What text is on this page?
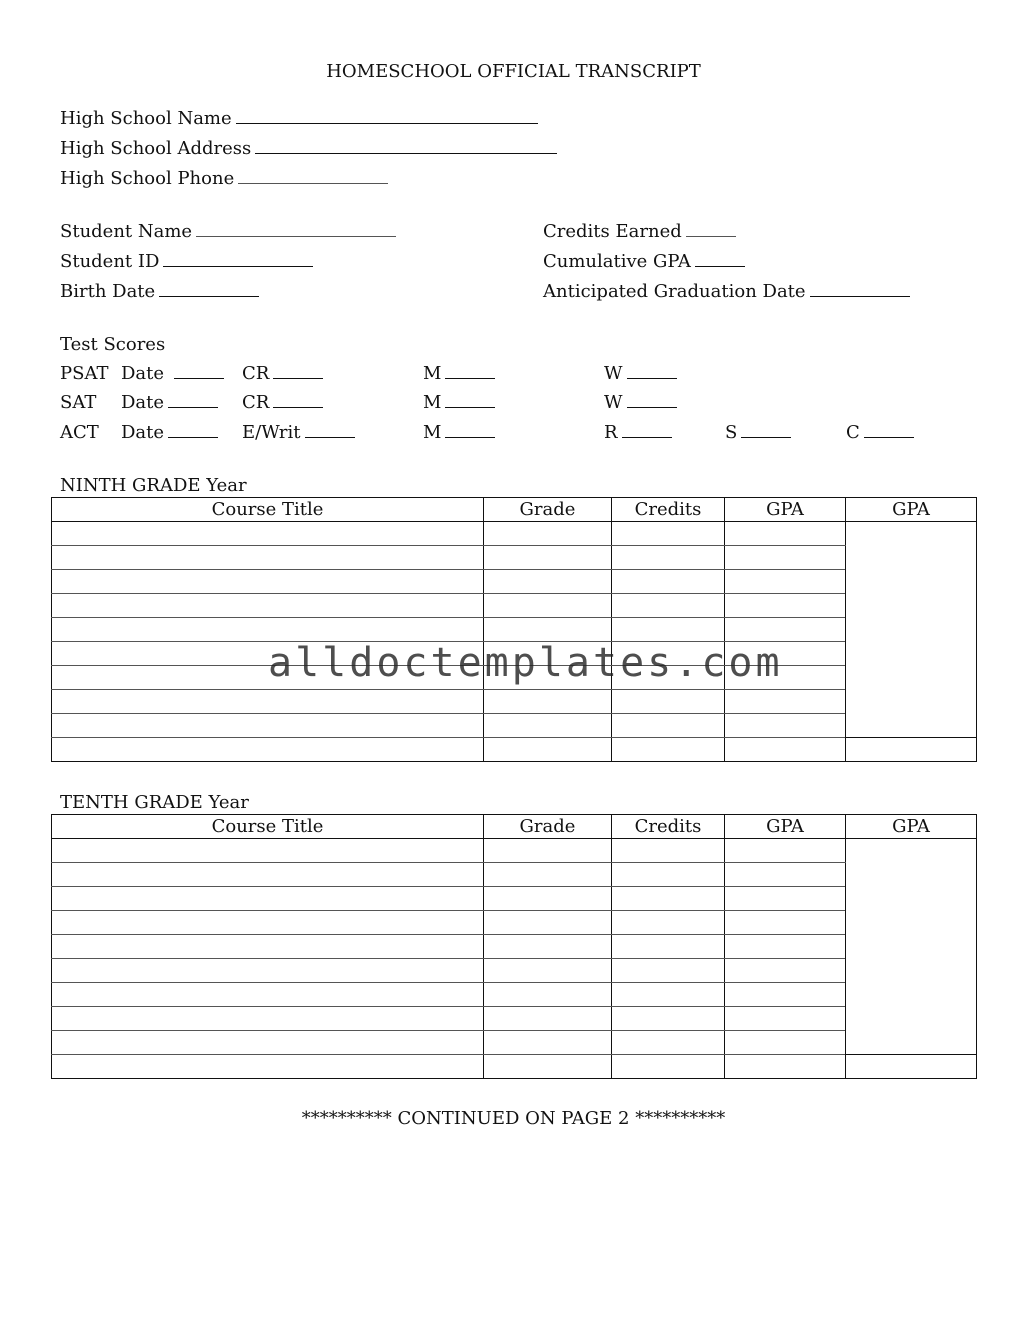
HOMESCHOOL OFFICIAL TRANSCRIPT
High School Name
High School Address
High School Phone
Student Name
Student ID
Birth Date
Credits Earned
Cumulative GPA
Anticipated Graduation Date
Test Scores
PSAT Date	CR	M	W
SAT Date	CR	M	W
ACT Date	E/Writ	M	R	S	C
NINTH GRADE Year
Course Title	Grade	Credits	GPA	GPA

alldoctemplates.com
TENTH GRADE Year
Course Title	Grade	Credits	GPA	GPA

********** CONTINUED ON PAGE 2 **********
